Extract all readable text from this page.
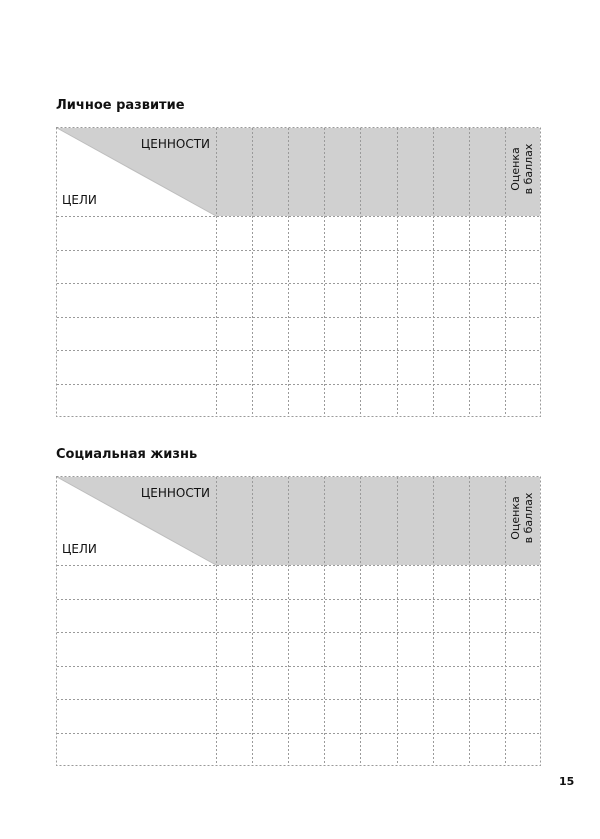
Личное развитие
ЦЕННОСТИ
ЦЕЛИ
Оценка в баллах
Социальная жизнь
ЦЕННОСТИ
ЦЕЛИ
Оценка в баллах
15
